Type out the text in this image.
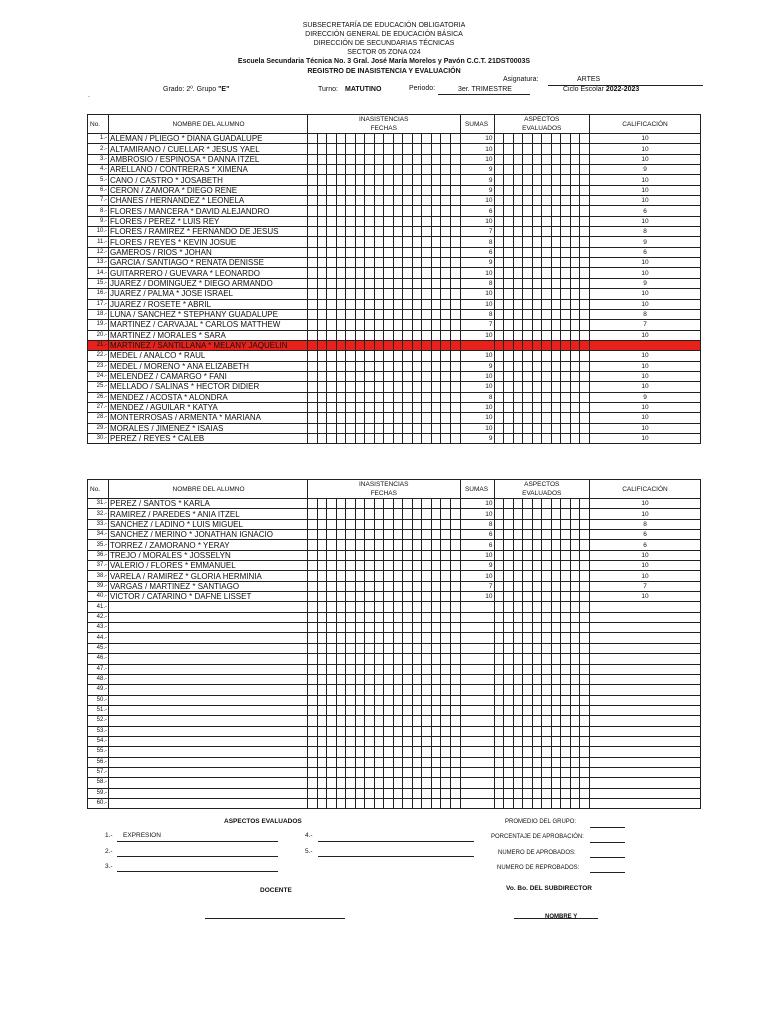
SUBSECRETARÍA DE EDUCACIÓN OBLIGATORIA
DIRECCIÓN GENERAL DE EDUCACIÓN BÁSICA
DIRECCIÓN DE SECUNDARIAS TÉCNICAS
SECTOR 05 ZONA 024
Escuela Secundaria Técnica No. 3 Gral. José María Morelos y Pavón C.C.T. 21DST0003S
REGISTRO DE INASISTENCIA Y EVALUACIÓN
Asignatura:	ARTES
Grado: 2º. Grupo "E"	Turno: MATUTINO	Periodo:	3er. TRIMESTRE	Ciclo Escolar 2022-2023
.
No.	NOMBRE DEL ALUMNO	INASISTENCIAS																SUMAS	ASPECTOS										CALIFICACIÓN
		FECHAS																	EVALUADOS										
1.-	ALEMAN / PLIEGO * DIANA GUADALUPE																	10											10
2.-	ALTAMIRANO / CUELLAR * JESUS YAEL																	10											10
3.-	AMBROSIO / ESPINOSA * DANNA ITZEL																	10											10
4.-	ARELLANO / CONTRERAS * XIMENA																	9											9
5.-	CANO / CASTRO * JOSABETH																	9											10
6.-	CERON / ZAMORA * DIEGO RENE																	9											10
7.-	CHANES / HERNANDEZ * LEONELA																	10											10
8.-	FLORES / MANCERA * DAVID ALEJANDRO																	6											6
9.-	FLORES / PEREZ * LUIS REY																	10											10
10.-	FLORES / RAMIREZ * FERNANDO DE JESUS																	7											8
11.-	FLORES / REYES * KEVIN JOSUE																	8											9
12.-	GAMEROS / RIOS * JOHAN																	6											6
13.-	GARCIA / SANTIAGO * RENATA DENISSE																	9											10
14.-	GUITARRERO / GUEVARA * LEONARDO																	10											10
15.-	JUAREZ / DOMINGUEZ * DIEGO ARMANDO																	8											9
16.-	JUAREZ / PALMA * JOSE ISRAEL																	10											10
17.-	JUAREZ / ROSETE * ABRIL																	10											10
18.-	LUNA / SANCHEZ * STEPHANY GUADALUPE																	8											8
19.-	MARTINEZ / CARVAJAL * CARLOS MATTHEW																	7											7
20.-	MARTINEZ / MORALES * SARA																	10											10
21.-	MARTINEZ / SANTILLANA * MELANY JAQUELIN																												
22.-	MEDEL / ANALCO * RAUL																	10											10
23.-	MEDEL / MORENO * ANA ELIZABETH																	9											10
24.-	MELENDEZ / CAMARGO * FANI																	10											10
25.-	MELLADO / SALINAS * HECTOR DIDIER																	10											10
26.-	MENDEZ / ACOSTA * ALONDRA																	8											9
27.-	MENDEZ / AGUILAR * KATYA																	10											10
28.-	MONTERROSAS / ARMENTA * MARIANA																	10											10
29.-	MORALES / JIMENEZ * ISAIAS																	10											10
30.-	PEREZ / REYES * CALEB																	9											10
No.	NOMBRE DEL ALUMNO	INASISTENCIAS																SUMAS	ASPECTOS										CALIFICACIÓN
		FECHAS																	EVALUADOS										
31.-	PEREZ / SANTOS * KARLA																	10											10
32.-	RAMIREZ / PAREDES * ANIA ITZEL																	10											10
33.-	SANCHEZ / LADINO * LUIS MIGUEL																	8											8
34.-	SANCHEZ / MERINO * JONATHAN IGNACIO																	6											6
35.-	TORREZ / ZAMORANO * YERAY																	6											6
36.-	TREJO / MORALES * JOSSELYN																	10											10
37.-	VALERIO / FLORES * EMMANUEL																	9											10
38.-	VARELA / RAMIREZ * GLORIA HERMINIA																	10											10
39.-	VARGAS / MARTINEZ * SANTIAGO																	7											7
40.-	VICTOR / CATARINO * DAFNE LISSET																	10											10
41.-																													
42.-																													
43.-																													
44.-																													
45.-																													
46.-																													
47.-																													
48.-																													
49.-																													
50.-																													
51.-																													
52.-																													
53.-																													
54.-																													
55.-																													
56.-																													
57.-																													
58.-																													
59.-																													
60.-																													
ASPECTOS EVALUADOS
1.- EXPRESION
2.-
3.-
4.-
5.-
PROMEDIO DEL GRUPO:
PORCENTAJE DE APROBACIÓN:
NUMERO DE APROBADOS:
NUMERO DE REPROBADOS:
DOCENTE	Vo. Bo. DEL SUBDIRECTOR
NOMBRE Y
